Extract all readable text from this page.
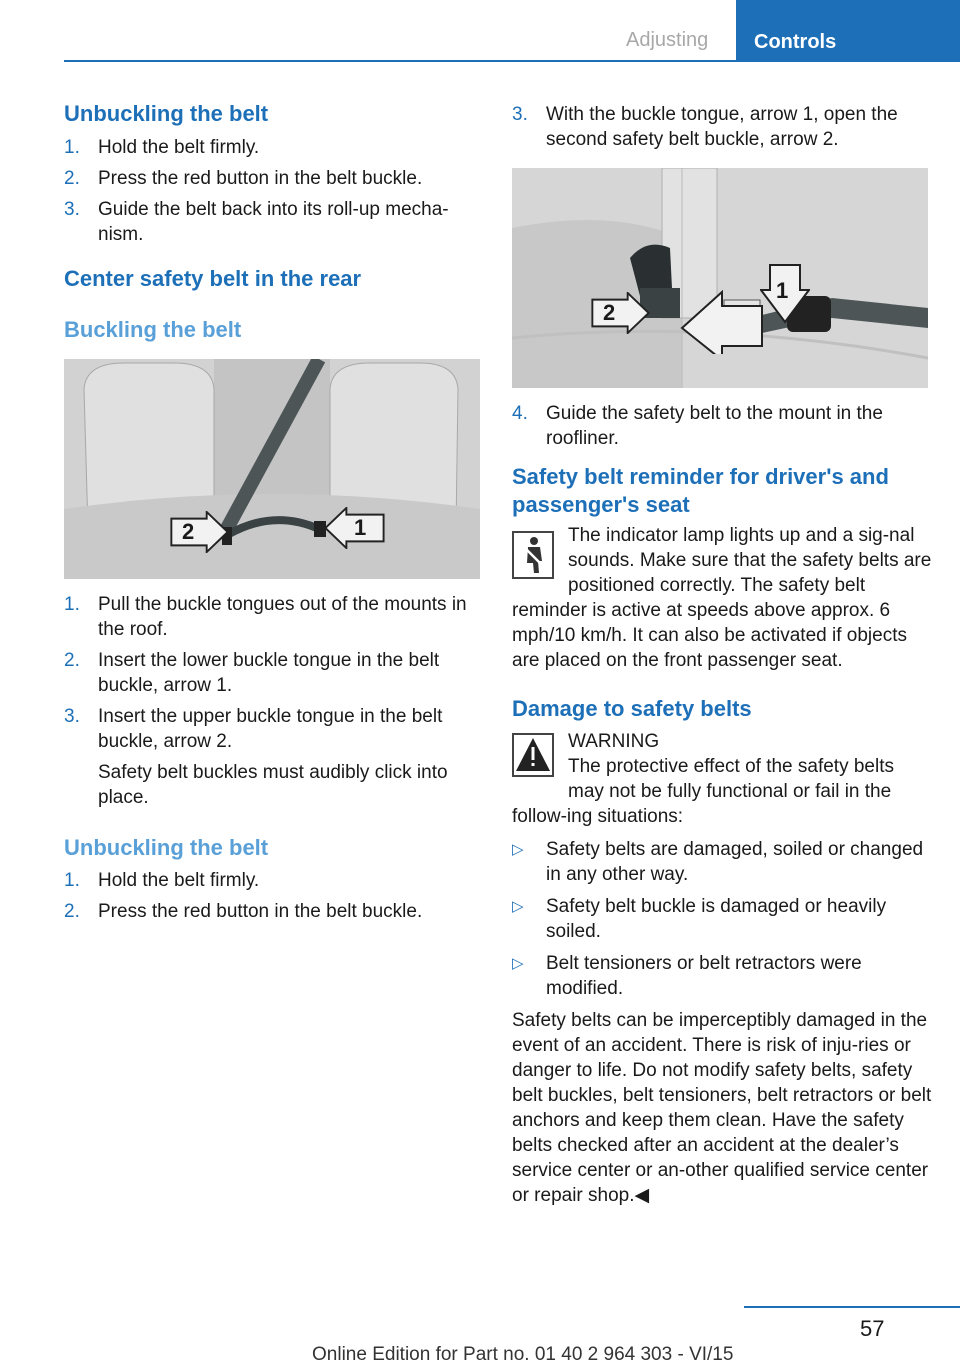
Adjusting	Controls
Unbuckling the belt
1. Hold the belt firmly.
2. Press the red button in the belt buckle.
3. Guide the belt back into its roll-up mecha-nism.
Center safety belt in the rear
Buckling the belt
2	1
1. Pull the buckle tongues out of the mounts in the roof.
2. Insert the lower buckle tongue in the belt buckle, arrow 1.
3. Insert the upper buckle tongue in the belt buckle, arrow 2.

Safety belt buckles must audibly click into place.

Unbuckling the belt
1. Hold the belt firmly.
2. Press the red button in the belt buckle.
3. With the buckle tongue, arrow 1, open the second safety belt buckle, arrow 2.
2
1
4. Guide the safety belt to the mount in the roofliner.
Safety belt reminder for driver's and passenger's seat

The indicator lamp lights up and a sig-nal sounds. Make sure that the safety belts are positioned correctly. The safety belt reminder is active at speeds above approx. 6 mph/10 km/h. It can also be activated if objects are placed on the front passenger seat.

Damage to safety belts

WARNING

The protective effect of the safety belts may not be fully functional or fail in the follow-ing situations:

▷	Safety belts are damaged, soiled or changed in any other way.
▷	Safety belt buckle is damaged or heavily soiled.
▷	Belt tensioners or belt retractors were modified.

Safety belts can be imperceptibly damaged in the event of an accident. There is risk of inju-ries or danger to life. Do not modify safety belts, safety belt buckles, belt tensioners, belt retractors or belt anchors and keep them clean. Have the safety belts checked after an accident at the dealer’s service center or an-other qualified service center or repair shop.◀

57
Online Edition for Part no. 01 40 2 964 303 - VI/15
